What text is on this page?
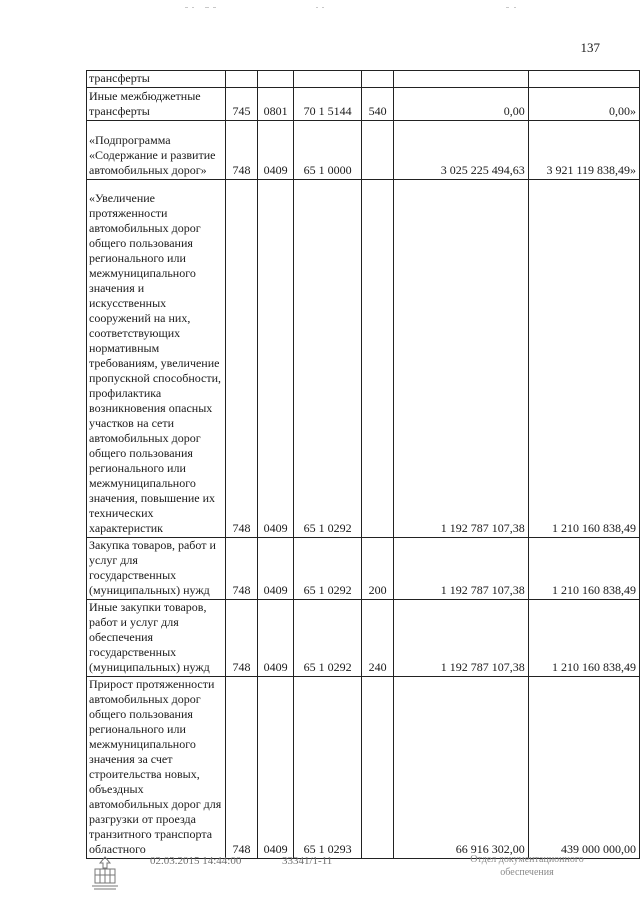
137
трансферты						
Иные межбюджетные трансферты	745	0801	70 1 5144	540	0,00	0,00»
«Подпрограмма «Содержание и развитие автомобильных дорог»	748	0409	65 1 0000		3 025 225 494,63	3 921 119 838,49»
«Увеличение протяженности автомобильных дорог общего пользования регионального или межмуниципального значения и искусственных сооружений на них, соответствующих нормативным требованиям, увеличение пропускной способности, профилактика возникновения опасных участков на сети автомобильных дорог общего пользования регионального или межмуниципального значения, повышение их технических характеристик	748	0409	65 1 0292		1 192 787 107,38	1 210 160 838,49
Закупка товаров, работ и услуг для государственных (муниципальных) нужд	748	0409	65 1 0292	200	1 192 787 107,38	1 210 160 838,49
Иные закупки товаров, работ и услуг для обеспечения государственных (муниципальных) нужд	748	0409	65 1 0292	240	1 192 787 107,38	1 210 160 838,49
Прирост протяженности автомобильных дорог общего пользования регионального или межмуниципального значения за счет строительства новых, объездных автомобильных дорог для разгрузки от проезда транзитного транспорта областного	748	0409	65 1 0293		66 916 302,00	439 000 000,00
02.03.2015 14:44:00	33341/1-11	Отдел документационного обеспечения
